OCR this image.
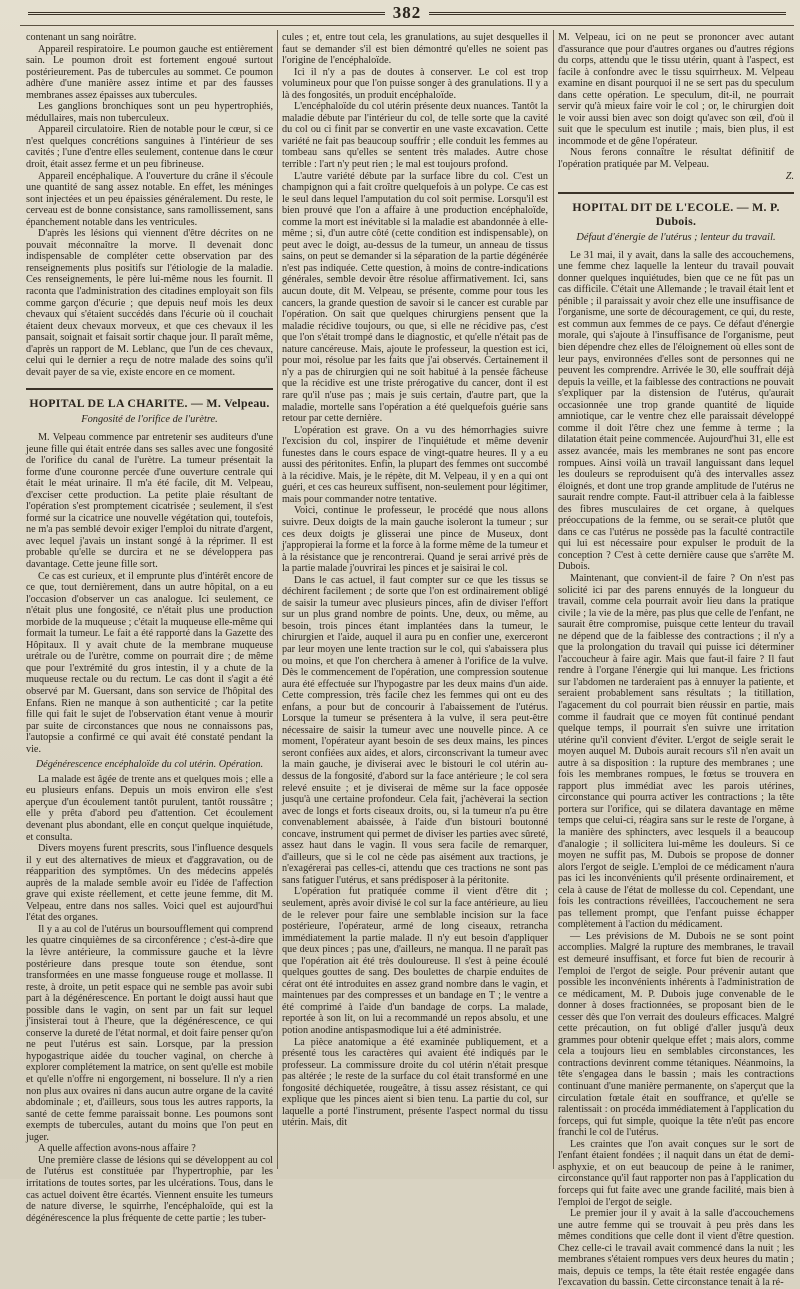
382

contenant un sang noirâtre.

Appareil respiratoire. Le poumon gauche est entièrement sain. Le poumon droit est fortement engoué surtout postérieurement. Pas de tubercules au sommet. Ce poumon adhère d'une manière assez intime et par des fausses membranes assez épaisses aux tubercules.

Les ganglions bronchiques sont un peu hypertrophiés, médullaires, mais non tuberculeux.

Appareil circulatoire. Rien de notable pour le cœur, si ce n'est quelques concrétions sanguines à l'intérieur de ses cavités ; l'une d'entre elles seulement, contenue dans le cœur droit, était assez ferme et un peu fibrineuse.

Appareil encéphalique. A l'ouverture du crâne il s'écoule une quantité de sang assez notable. En effet, les méninges sont injectées et un peu épaissies généralement. Du reste, le cerveau est de bonne consistance, sans ramollissement, sans épanchement notable dans les ventricules.

D'après les lésions qui viennent d'être décrites on ne pouvait méconnaître la morve. Il devenait donc indispensable de compléter cette observation par des renseignements plus positifs sur l'étiologie de la maladie. Ces renseignements, le père lui-même nous les fournit. Il raconta que l'administration des citadines employait son fils comme garçon d'écurie ; que depuis neuf mois les deux chevaux qui s'étaient succédés dans l'écurie où il couchait étaient deux chevaux morveux, et que ces chevaux il les pansait, soignait et faisait sortir chaque jour. Il paraît même, d'après un rapport de M. Leblanc, que l'un de ces chevaux, celui qui le dernier a reçu de notre malade des soins qu'il devait payer de sa vie, existe encore en ce moment.

HOPITAL DE LA CHARITE. — M. Velpeau.
Fongosité de l'orifice de l'urètre.

M. Velpeau commence par entretenir ses auditeurs d'une jeune fille qui était entrée dans ses salles avec une fongosité de l'orifice du canal de l'urètre. La tumeur présentait la forme d'une couronne percée d'une ouverture centrale qui était le méat urinaire. Il m'a été facile, dit M. Velpeau, d'exciser cette production. La petite plaie résultant de l'opération s'est promptement cicatrisée ; seulement, il s'est formé sur la cicatrice une nouvelle végétation qui, toutefois, ne m'a pas semblé devoir exiger l'emploi du nitrate d'argent, avec lequel j'avais un instant songé à la réprimer. Il est probable qu'elle se durcira et ne se développera pas davantage. Cette jeune fille sort.

Ce cas est curieux, et il emprunte plus d'intérêt encore de ce que, tout dernièrement, dans un autre hôpital, on a eu l'occasion d'observer un cas analogue. Ici seulement, ce n'était plus une fongosité, ce n'était plus une production morbide de la muqueuse ; c'était la muqueuse elle-même qui formait la tumeur. Le fait a été rapporté dans la Gazette des Hôpitaux. Il y avait chute de la membrane muqueuse urétrale ou de l'urètre, comme on pourrait dire ; de même que pour l'extrémité du gros intestin, il y a chute de la muqueuse rectale ou du rectum. Le cas dont il s'agit a été observé par M. Guersant, dans son service de l'hôpital des Enfans. Rien ne manque à son authenticité ; car la petite fille qui fait le sujet de l'observation étant venue à mourir par suite de circonstances que nous ne connaissons pas, l'autopsie a confirmé ce qui avait été constaté pendant la vie.

Dégénérescence encéphaloïde du col utérin. Opération.

La malade est âgée de trente ans et quelques mois ; elle a eu plusieurs enfans. Depuis un mois environ elle s'est aperçue d'un écoulement tantôt purulent, tantôt roussâtre ; elle y prêta d'abord peu d'attention. Cet écoulement devenant plus abondant, elle en conçut quelque inquiétude, et consulta.

Divers moyens furent prescrits, sous l'influence desquels il y eut des alternatives de mieux et d'aggravation, ou de réapparition des symptômes. Un des médecins appelés auprès de la malade semble avoir eu l'idée de l'affection grave qui existe réellement, et cette jeune femme, dit M. Velpeau, entre dans nos salles. Voici quel est aujourd'hui l'état des organes.

Il y a au col de l'utérus un boursoufflement qui comprend les quatre cinquièmes de sa circonférence ; c'est-à-dire que la lèvre antérieure, la commissure gauche et la lèvre postérieure dans presque toute son étendue, sont transformées en une masse fongueuse rouge et mollasse. Il reste, à droite, un petit espace qui ne semble pas avoir subi part à la dégénérescence. En portant le doigt aussi haut que possible dans le vagin, on sent par un fait sur lequel j'insisterai tout à l'heure, que la dégénérescence, ce qui conserve la dureté de l'état normal, et doit faire penser qu'on ne peut l'utérus est sain. Lorsque, par la pression hypogastrique aidée du toucher vaginal, on cherche à explorer complétement la matrice, on sent qu'elle est mobile et qu'elle n'offre ni engorgement, ni bosselure. Il n'y a rien non plus aux ovaires ni dans aucun autre organe de la cavité abdominale ; et, d'ailleurs, sous tous les autres rapports, la santé de cette femme paraissait bonne. Les poumons sont exempts de tubercules, autant du moins que l'on peut en juger.

A quelle affection avons-nous affaire ?

Une première classe de lésions qui se développent au col de l'utérus est constituée par l'hypertrophie, par les irritations de toutes sortes, par les ulcérations. Tous, dans le cas actuel doivent être écartés. Viennent ensuite les tumeurs de nature diverse, le squirrhe, l'encéphaloïde, qui est la dégénérescence la plus fréquente de cette partie ; les tuber-

cules ; et, entre tout cela, les granulations, au sujet desquelles il faut se demander s'il est bien démontré qu'elles ne soient pas l'origine de l'encéphaloïde.

Ici il n'y a pas de doutes à conserver. Le col est trop volumineux pour que l'on puisse songer à des granulations. Il y a là des fongosités, un produit encéphaloïde.

L'encéphaloïde du col utérin présente deux nuances. Tantôt la maladie débute par l'intérieur du col, de telle sorte que la cavité du col ou ci finit par se convertir en une vaste excavation. Cette variété ne fait pas beaucoup souffrir ; elle conduit les femmes au tombeau sans qu'elles se sentent très malades. Autre chose terrible : l'art n'y peut rien ; le mal est toujours profond.

L'autre variété débute par la surface libre du col. C'est un champignon qui a fait croître quelquefois à un polype. Ce cas est le seul dans lequel l'amputation du col soit permise. Lorsqu'il est bien prouvé que l'on a affaire à une production encéphaloïde, comme la mort est inévitable si la maladie est abandonnée à elle-même ; si, d'un autre côté (cette condition est indispensable), on peut avec le doigt, au-dessus de la tumeur, un anneau de tissus sains, on peut se demander si la séparation de la partie dégénérée n'est pas indiquée. Cette question, à moins de contre-indications générales, semble devoir être résolue affirmativement. Ici, sans aucun doute, dit M. Velpeau, se présente, comme pour tous les cancers, la grande question de savoir si le cancer est curable par l'opération. On sait que quelques chirurgiens pensent que la maladie récidive toujours, ou que, si elle ne récidive pas, c'est que l'on s'était trompé dans le diagnostic, et qu'elle n'était pas de nature cancéreuse. Mais, ajoute le professeur, la question est ici, pour moi, résolue par les faits que j'ai observés. Certainement il n'y a pas de chirurgien qui ne soit habitué à la pensée fâcheuse que la récidive est une triste prérogative du cancer, dont il est rare qu'il n'use pas ; mais je suis certain, d'autre part, que la maladie, mortelle sans l'opération a été quelquefois guérie sans retour par cette dernière.

L'opération est grave. On a vu des hémorrhagies suivre l'excision du col, inspirer de l'inquiétude et même devenir funestes dans le cours espace de vingt-quatre heures. Il y a eu aussi des péritonites. Enfin, la plupart des femmes ont succombé à la récidive. Mais, je le répète, dit M. Velpeau, il y en a qui ont guéri, et ces cas heureux suffisent, non-seulement pour légitimer, mais pour commander notre tentative.

Voici, continue le professeur, le procédé que nous allons suivre. Deux doigts de la main gauche isoleront la tumeur ; sur ces deux doigts je glisserai une pince de Museux, dont j'appropierai la forme et la force à la forme même de la tumeur et à la résistance que je rencontrerai. Quand je serai arrivé près de la partie malade j'ouvrirai les pinces et je saisirai le col.

Dans le cas actuel, il faut compter sur ce que les tissus se déchirent facilement ; de sorte que l'on est ordinairement obligé de saisir la tumeur avec plusieurs pinces, afin de diviser l'effort sur un plus grand nombre de points. Une, deux, ou même, au besoin, trois pinces étant implantées dans la tumeur, le chirurgien et l'aide, auquel il aura pu en confier une, exerceront par leur moyen une lente traction sur le col, qui s'abaissera plus ou moins, et que l'on cherchera à amener à l'orifice de la vulve. Dès le commencement de l'opération, une compression soutenue aura été effectuée sur l'hypogastre par les deux mains d'un aide. Cette compression, très facile chez les femmes qui ont eu des enfans, a pour but de concourir à l'abaissement de l'utérus. Lorsque la tumeur se présentera à la vulve, il sera peut-être nécessaire de saisir la tumeur avec une nouvelle pince. A ce moment, l'opérateur ayant besoin de ses deux mains, les pinces seront confiées aux aides, et alors, circonscrivant la tumeur avec la main gauche, je diviserai avec le bistouri le col utérin au-dessus de la fongosité, d'abord sur la face antérieure ; le col sera relevé ensuite ; et je diviserai de même sur la face opposée jusqu'à une certaine profondeur. Cela fait, j'achèverai la section avec de longs et forts ciseaux droits, ou, si la tumeur n'a pu être convenablement abaissée, à l'aide d'un bistouri boutonné concave, instrument qui permet de diviser les parties avec sûreté, assez haut dans le vagin. Il vous sera facile de remarquer, d'ailleurs, que si le col ne cède pas aisément aux tractions, je n'exagérerai pas celles-ci, attendu que ces tractions ne sont pas sans fatiguer l'utérus, et sans prédisposer à la péritonite.

L'opération fut pratiquée comme il vient d'être dit ; seulement, après avoir divisé le col sur la face antérieure, au lieu de le relever pour faire une semblable incision sur la face postérieure, l'opérateur, armé de long ciseaux, retrancha immédiatement la partie malade. Il n'y eut besoin d'appliquer que deux pinces ; pas une, d'ailleurs, ne manqua. Il ne paraît pas que l'opération ait été très douloureuse. Il s'est à peine écoulé quelques gouttes de sang. Des boulettes de charpie enduites de cérat ont été introduites en assez grand nombre dans le vagin, et maintenues par des compresses et un bandage en T ; le ventre a été comprimé à l'aide d'un bandage de corps. La malade, reportée à son lit, on lui a recommandé un repos absolu, et une potion anodine antispasmodique lui a été administrée.

La pièce anatomique a été examinée publiquement, et a présenté tous les caractères qui avaient été indiqués par le professeur. La commissure droite du col utérin n'était presque pas altérée ; le reste de la surface du col était transformé en une fongosité déchiquetée, rougeâtre, à tissu assez résistant, ce qui explique que les pinces aient si bien tenu. La partie du col, sur laquelle a porté l'instrument, présente l'aspect normal du tissu utérin. Mais, dit

M. Velpeau, ici on ne peut se prononcer avec autant d'assurance que pour d'autres organes ou d'autres régions du corps, attendu que le tissu utérin, quant à l'aspect, est facile à confondre avec le tissu squirrheux. M. Velpeau examine en disant pourquoi il ne se sert pas du speculum dans cette opération. Le speculum, dit-il, ne pourrait servir qu'à mieux faire voir le col ; or, le chirurgien doit le voir aussi bien avec son doigt qu'avec son œil, d'où il suit que le speculum est inutile ; mais, bien plus, il est incommode et de gêne l'opérateur.

Nous ferons connaître le résultat définitif de l'opération pratiquée par M. Velpeau.

Z.
HOPITAL DIT DE L'ECOLE. — M. P. Dubois.
Défaut d'énergie de l'utérus ; lenteur du travail.

Le 31 mai, il y avait, dans la salle des accouchemens, une femme chez laquelle la lenteur du travail pouvait donner quelques inquiétudes, bien que ce ne fût pas un cas difficile. C'était une Allemande ; le travail était lent et pénible ; il paraissait y avoir chez elle une insuffisance de l'organisme, une sorte de découragement, ce qui, du reste, est commun aux femmes de ce pays. Ce défaut d'énergie morale, qui s'ajoute à l'insuffisance de l'organisme, peut bien dépendre chez elles de l'éloignement où elles sont de leur pays, environnées d'elles sont de personnes qui ne peuvent les comprendre. Arrivée le 30, elle souffrait déjà depuis la veille, et la faiblesse des contractions ne pouvait s'expliquer par la distension de l'utérus, qu'aurait occasionnée une trop grande quantité de liquide amniotique, car le ventre chez elle paraissait développé comme il doit l'être chez une femme à terme ; la dilatation était peine commencée. Aujourd'hui 31, elle est assez avancée, mais les membranes ne sont pas encore rompues. Ainsi voilà un travail languissant dans lequel les douleurs se reproduisent qu'à des intervalles assez éloignés, et dont une trop grande amplitude de l'utérus ne saurait rendre compte. Faut-il attribuer cela à la faiblesse des fibres musculaires de cet organe, à quelques préoccupations de la femme, ou se serait-ce plutôt que dans ce cas l'utérus ne possède pas la faculté contractile qui lui est nécessaire pour expulser le produit de la conception ? C'est à cette dernière cause que s'arrête M. Dubois.

Maintenant, que convient-il de faire ? On n'est pas solicité ici par des parens ennuyés de la longueur du travail, comme cela pourrait avoir lieu dans la pratique civile ; la vie de la mère, pas plus que celle de l'enfant, ne saurait être compromise, puisque cette lenteur du travail ne dépend que de la faiblesse des contractions ; il n'y a que la prolongation du travail qui puisse ici déterminer l'accoucheur à faire agir. Mais que faut-il faire ? Il faut rendre à l'organe l'énergie qui lui manque. Les frictions sur l'abdomen ne tarderaient pas à ennuyer la patiente, et seraient probablement sans résultats ; la titillation, l'agacement du col pourrait bien réussir en partie, mais comme il faudrait que ce moyen fût continué pendant quelque temps, il pourrait s'en suivre une irritation utérine qu'il convient d'éviter. L'ergot de seigle serait le moyen auquel M. Dubois aurait recours s'il n'en avait un autre à sa disposition : la rupture des membranes ; une fois les membranes rompues, le fœtus se trouvera en rapport plus immédiat avec les parois utérines, circonstance qui pourra activer les contractions ; la tête portera sur l'orifice, qui se dilatera davantage en même temps que celui-ci, réagira sans sur le reste de l'organe, à la manière des sphincters, avec lesquels il a beaucoup d'analogie ; il sollicitera lui-même les douleurs. Si ce moyen ne suffit pas, M. Dubois se propose de donner alors l'ergot de seigle. L'emploi de ce médicament n'aura pas ici les inconvénients qu'il présente ordinairement, et cela à cause de l'état de mollesse du col. Cependant, une fois les contractions réveillées, l'accouchement ne sera pas tellement prompt, que l'enfant puisse échapper complètement à l'action du médicament.

— Les prévisions de M. Dubois ne se sont point accomplies. Malgré la rupture des membranes, le travail est demeuré insuffisant, et force fut bien de recourir à l'emploi de l'ergot de seigle. Pour prévenir autant que possible les inconvénients inhérents à l'administration de ce médicament, M. P. Dubois juge convenable de le donner à doses fractionnées, se proposant bien de le cesser dès que l'on verrait des douleurs efficaces. Malgré cette précaution, on fut obligé d'aller jusqu'à deux grammes pour obtenir quelque effet ; mais alors, comme cela a toujours lieu en semblables circonstances, les contractions devinrent comme tétaniques. Néanmoins, la tête s'engagea dans le bassin ; mais les contractions continuant d'une manière permanente, on s'aperçut que la circulation fœtale était en souffrance, et qu'elle se ralentissait : on procéda immédiatement à l'application du forceps, qui fut simple, quoique la tête n'eût pas encore franchi le col de l'utérus.

Les craintes que l'on avait conçues sur le sort de l'enfant étaient fondées ; il naquit dans un état de demi-asphyxie, et on eut beaucoup de peine à le ranimer, circonstance qu'il faut rapporter non pas à l'application du forceps qui fut faite avec une grande facilité, mais bien à l'emploi de l'ergot de seigle.

Le premier jour il y avait à la salle d'accouchemens une autre femme qui se trouvait à peu près dans les mêmes conditions que celle dont il vient d'être question. Chez celle-ci le travail avait commencé dans la nuit ; les membranes s'étaient rompues vers deux heures du matin ; mais, depuis ce temps, la tête était restée engagée dans l'excavation du bassin. Cette circonstance tenait à la ré-
